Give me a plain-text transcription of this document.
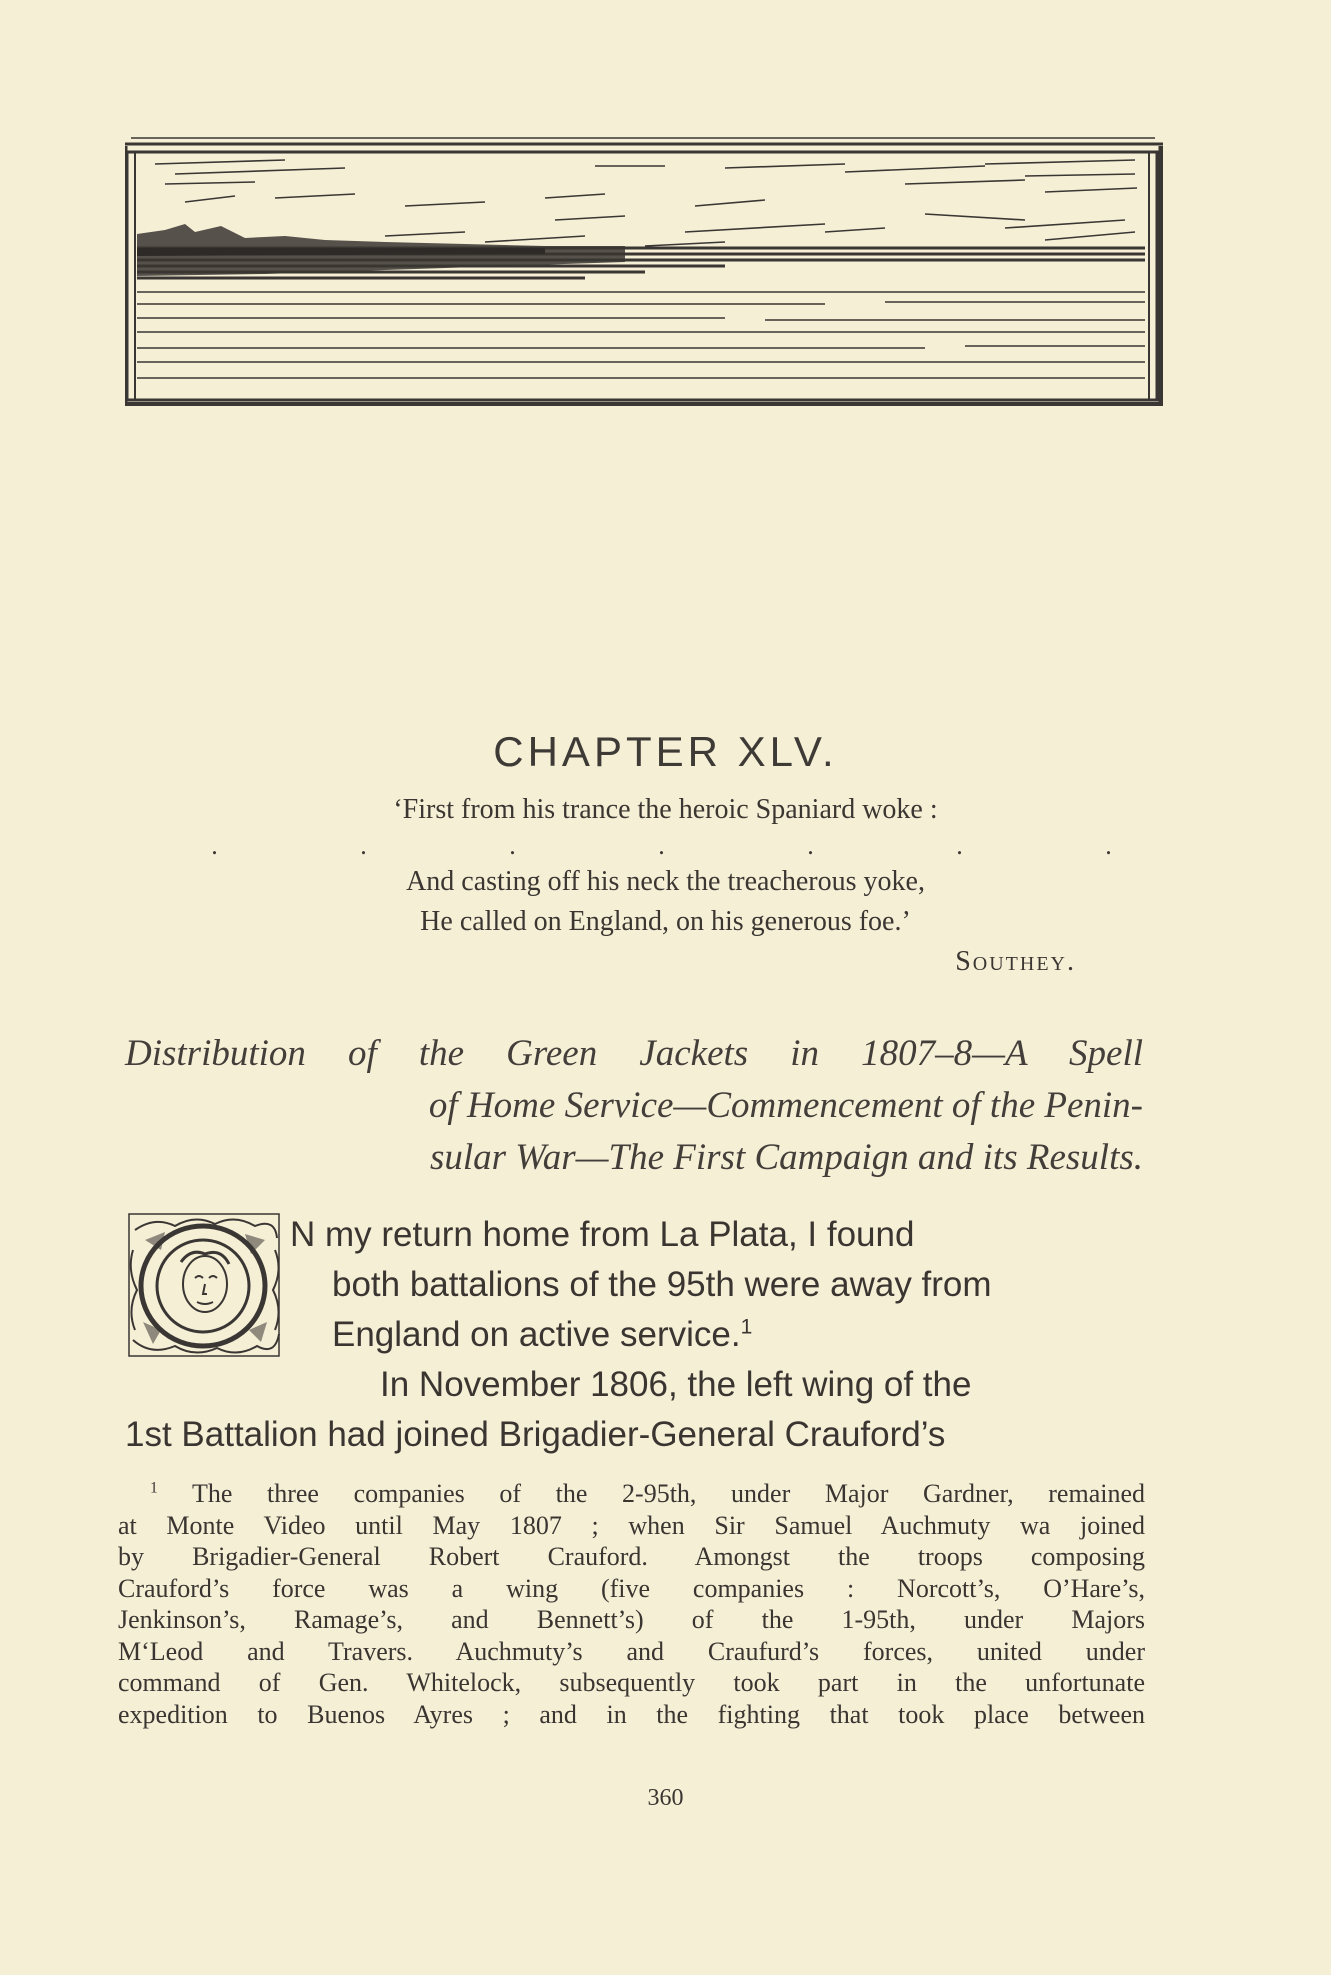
CHAPTER XLV.
‘First from his trance the heroic Spaniard woke :
. . . . . . .
And casting off his neck the treacherous yoke,
He called on England, on his generous foe.’
Southey.
Distribution of the Green Jackets in 1807–8—A Spell
of Home Service—Commencement of the Penin-
sular War—The First Campaign and its Results.
N my return home from La Plata, I found
both battalions of the 95th were away from
England on active service.$^1$
In November 1806, the left wing of the
1st Battalion had joined Brigadier-General Crauford’s
$^1$ The three companies of the 2-95th, under Major Gardner, remained
at Monte Video until May 1807 ; when Sir Samuel Auchmuty wa joined
by Brigadier-General Robert Crauford. Amongst the troops composing
Crauford’s force was a wing (five companies : Norcott’s, O’Hare’s,
Jenkinson’s, Ramage’s, and Bennett’s) of the 1-95th, under Majors
M‘Leod and Travers. Auchmuty’s and Craufurd’s forces, united under
command of Gen. Whitelock, subsequently took part in the unfortunate
expedition to Buenos Ayres ; and in the fighting that took place between
360
